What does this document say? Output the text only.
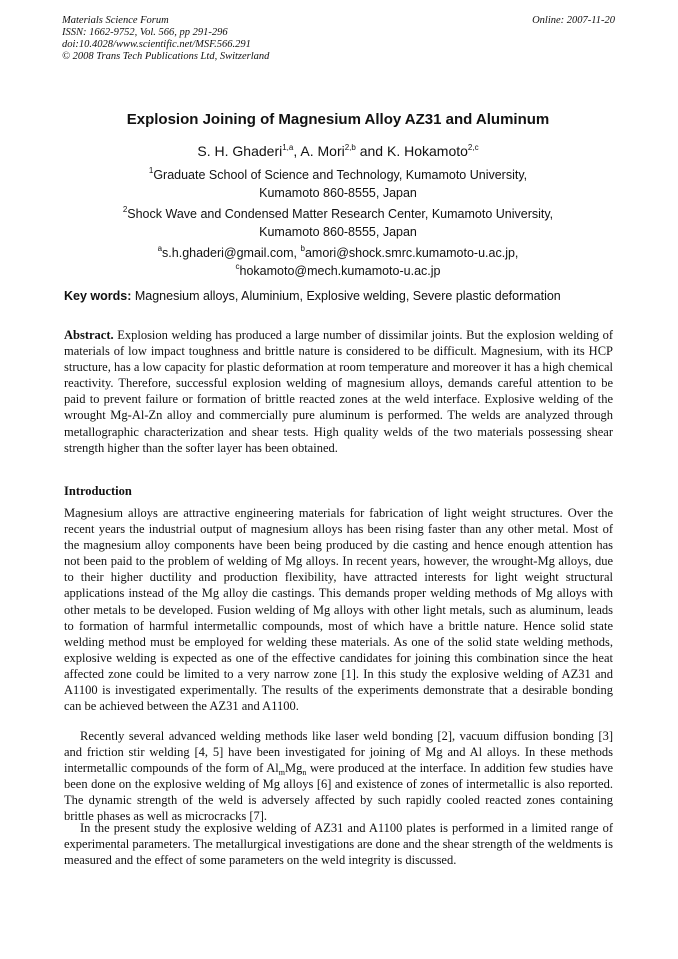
Materials Science Forum
ISSN: 1662-9752, Vol. 566, pp 291-296
doi:10.4028/www.scientific.net/MSF.566.291
© 2008 Trans Tech Publications Ltd, Switzerland
Online: 2007-11-20
Explosion Joining of Magnesium Alloy AZ31 and Aluminum
S. H. Ghaderi$^{1,a}$, A. Mori$^{2,b}$ and K. Hokamoto$^{2,c}$
$^1$Graduate School of Science and Technology, Kumamoto University,
Kumamoto 860-8555, Japan
$^2$Shock Wave and Condensed Matter Research Center, Kumamoto University,
Kumamoto 860-8555, Japan
$^a$s.h.ghaderi@gmail.com, $^b$amori@shock.smrc.kumamoto-u.ac.jp,
$^c$hokamoto@mech.kumamoto-u.ac.jp
Key words: Magnesium alloys, Aluminium, Explosive welding, Severe plastic deformation

Abstract. Explosion welding has produced a large number of dissimilar joints. But the explosion welding of materials of low impact toughness and brittle nature is considered to be difficult. Magnesium, with its HCP structure, has a low capacity for plastic deformation at room temperature and moreover it has a high chemical reactivity. Therefore, successful explosion welding of magnesium alloys, demands careful attention to be paid to prevent failure or formation of brittle reacted zones at the weld interface. Explosive welding of the wrought Mg-Al-Zn alloy and commercially pure aluminum is performed. The welds are analyzed through metallographic characterization and shear tests. High quality welds of the two materials possessing shear strength higher than the softer layer has been obtained.

Introduction

Magnesium alloys are attractive engineering materials for fabrication of light weight structures. Over the recent years the industrial output of magnesium alloys has been rising faster than any other metal. Most of the magnesium alloy components have been being produced by die casting and hence enough attention has not been paid to the problem of welding of Mg alloys. In recent years, however, the wrought-Mg alloys, due to their higher ductility and production flexibility, have attracted interests for light weight structural applications instead of the Mg alloy die castings. This demands proper welding methods of Mg alloys with other metals to be developed. Fusion welding of Mg alloys with other light metals, such as aluminum, leads to formation of harmful intermetallic compounds, most of which have a brittle nature. Hence solid state welding method must be employed for welding these materials. As one of the solid state welding methods, explosive welding is expected as one of the effective candidates for joining this combination since the heat affected zone could be limited to a very narrow zone [1]. In this study the explosive welding of AZ31 and A1100 is investigated experimentally. The results of the experiments demonstrate that a desirable bonding can be achieved between the AZ31 and A1100.

Recently several advanced welding methods like laser weld bonding [2], vacuum diffusion bonding [3] and friction stir welding [4, 5] have been investigated for joining of Mg and Al alloys. In these methods intermetallic compounds of the form of $Al_mMg_n$ were produced at the interface. In addition few studies have been done on the explosive welding of Mg alloys [6] and existence of zones of intermetallic is also reported. The dynamic strength of the weld is adversely affected by such rapidly cooled reacted zones containing brittle phases as well as microcracks [7].

In the present study the explosive welding of AZ31 and A1100 plates is performed in a limited range of experimental parameters. The metallurgical investigations are done and the shear strength of the weldments is measured and the effect of some parameters on the weld integrity is discussed.
